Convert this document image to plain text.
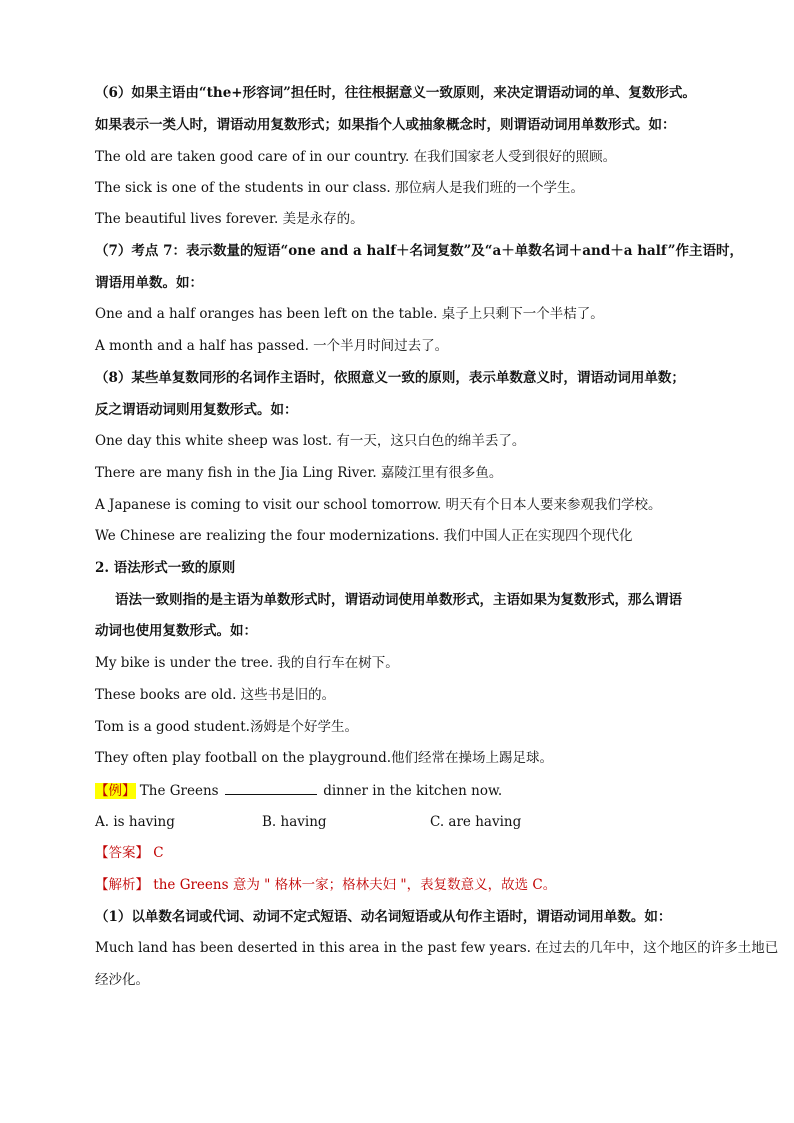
（6）如果主语由“the+形容词”担任时，往往根据意义一致原则，来决定谓语动词的单、复数形式。
如果表示一类人时，谓语动用复数形式；如果指个人或抽象概念时，则谓语动词用单数形式。如：
The old are taken good care of in our country. 在我们国家老人受到很好的照顾。
The sick is one of the students in our class. 那位病人是我们班的一个学生。
The beautiful lives forever. 美是永存的。
（7）考点 7：表示数量的短语“one and a half＋名词复数”及“a＋单数名词＋and＋a half”作主语时，
谓语用单数。如：
One and a half oranges has been left on the table. 桌子上只剩下一个半桔了。
A month and a half has passed. 一个半月时间过去了。
（8）某些单复数同形的名词作主语时，依照意义一致的原则，表示单数意义时，谓语动词用单数；
反之谓语动词则用复数形式。如：
One day this white sheep was lost. 有一天，这只白色的绵羊丢了。
There are many fish in the Jia Ling River. 嘉陵江里有很多鱼。
A Japanese is coming to visit our school tomorrow. 明天有个日本人要来参观我们学校。
We Chinese are realizing the four modernizations. 我们中国人正在实现四个现代化
2. 语法形式一致的原则
语法一致则指的是主语为单数形式时，谓语动词使用单数形式，主语如果为复数形式，那么谓语
动词也使用复数形式。如：
My bike is under the tree. 我的自行车在树下。
These books are old. 这些书是旧的。
Tom is a good student.汤姆是个好学生。
They often play football on the playground.他们经常在操场上踢足球。
【例】 The Greens	dinner in the kitchen now.
A. is having	B. having	C. are having
【答案】 C
【解析】 the Greens 意为 " 格林一家；格林夫妇 "，表复数意义，故选 C。
（1）以单数名词或代词、动词不定式短语、动名词短语或从句作主语时，谓语动词用单数。如：
Much land has been deserted in this area in the past few years. 在过去的几年中，这个地区的许多土地已
经沙化。
